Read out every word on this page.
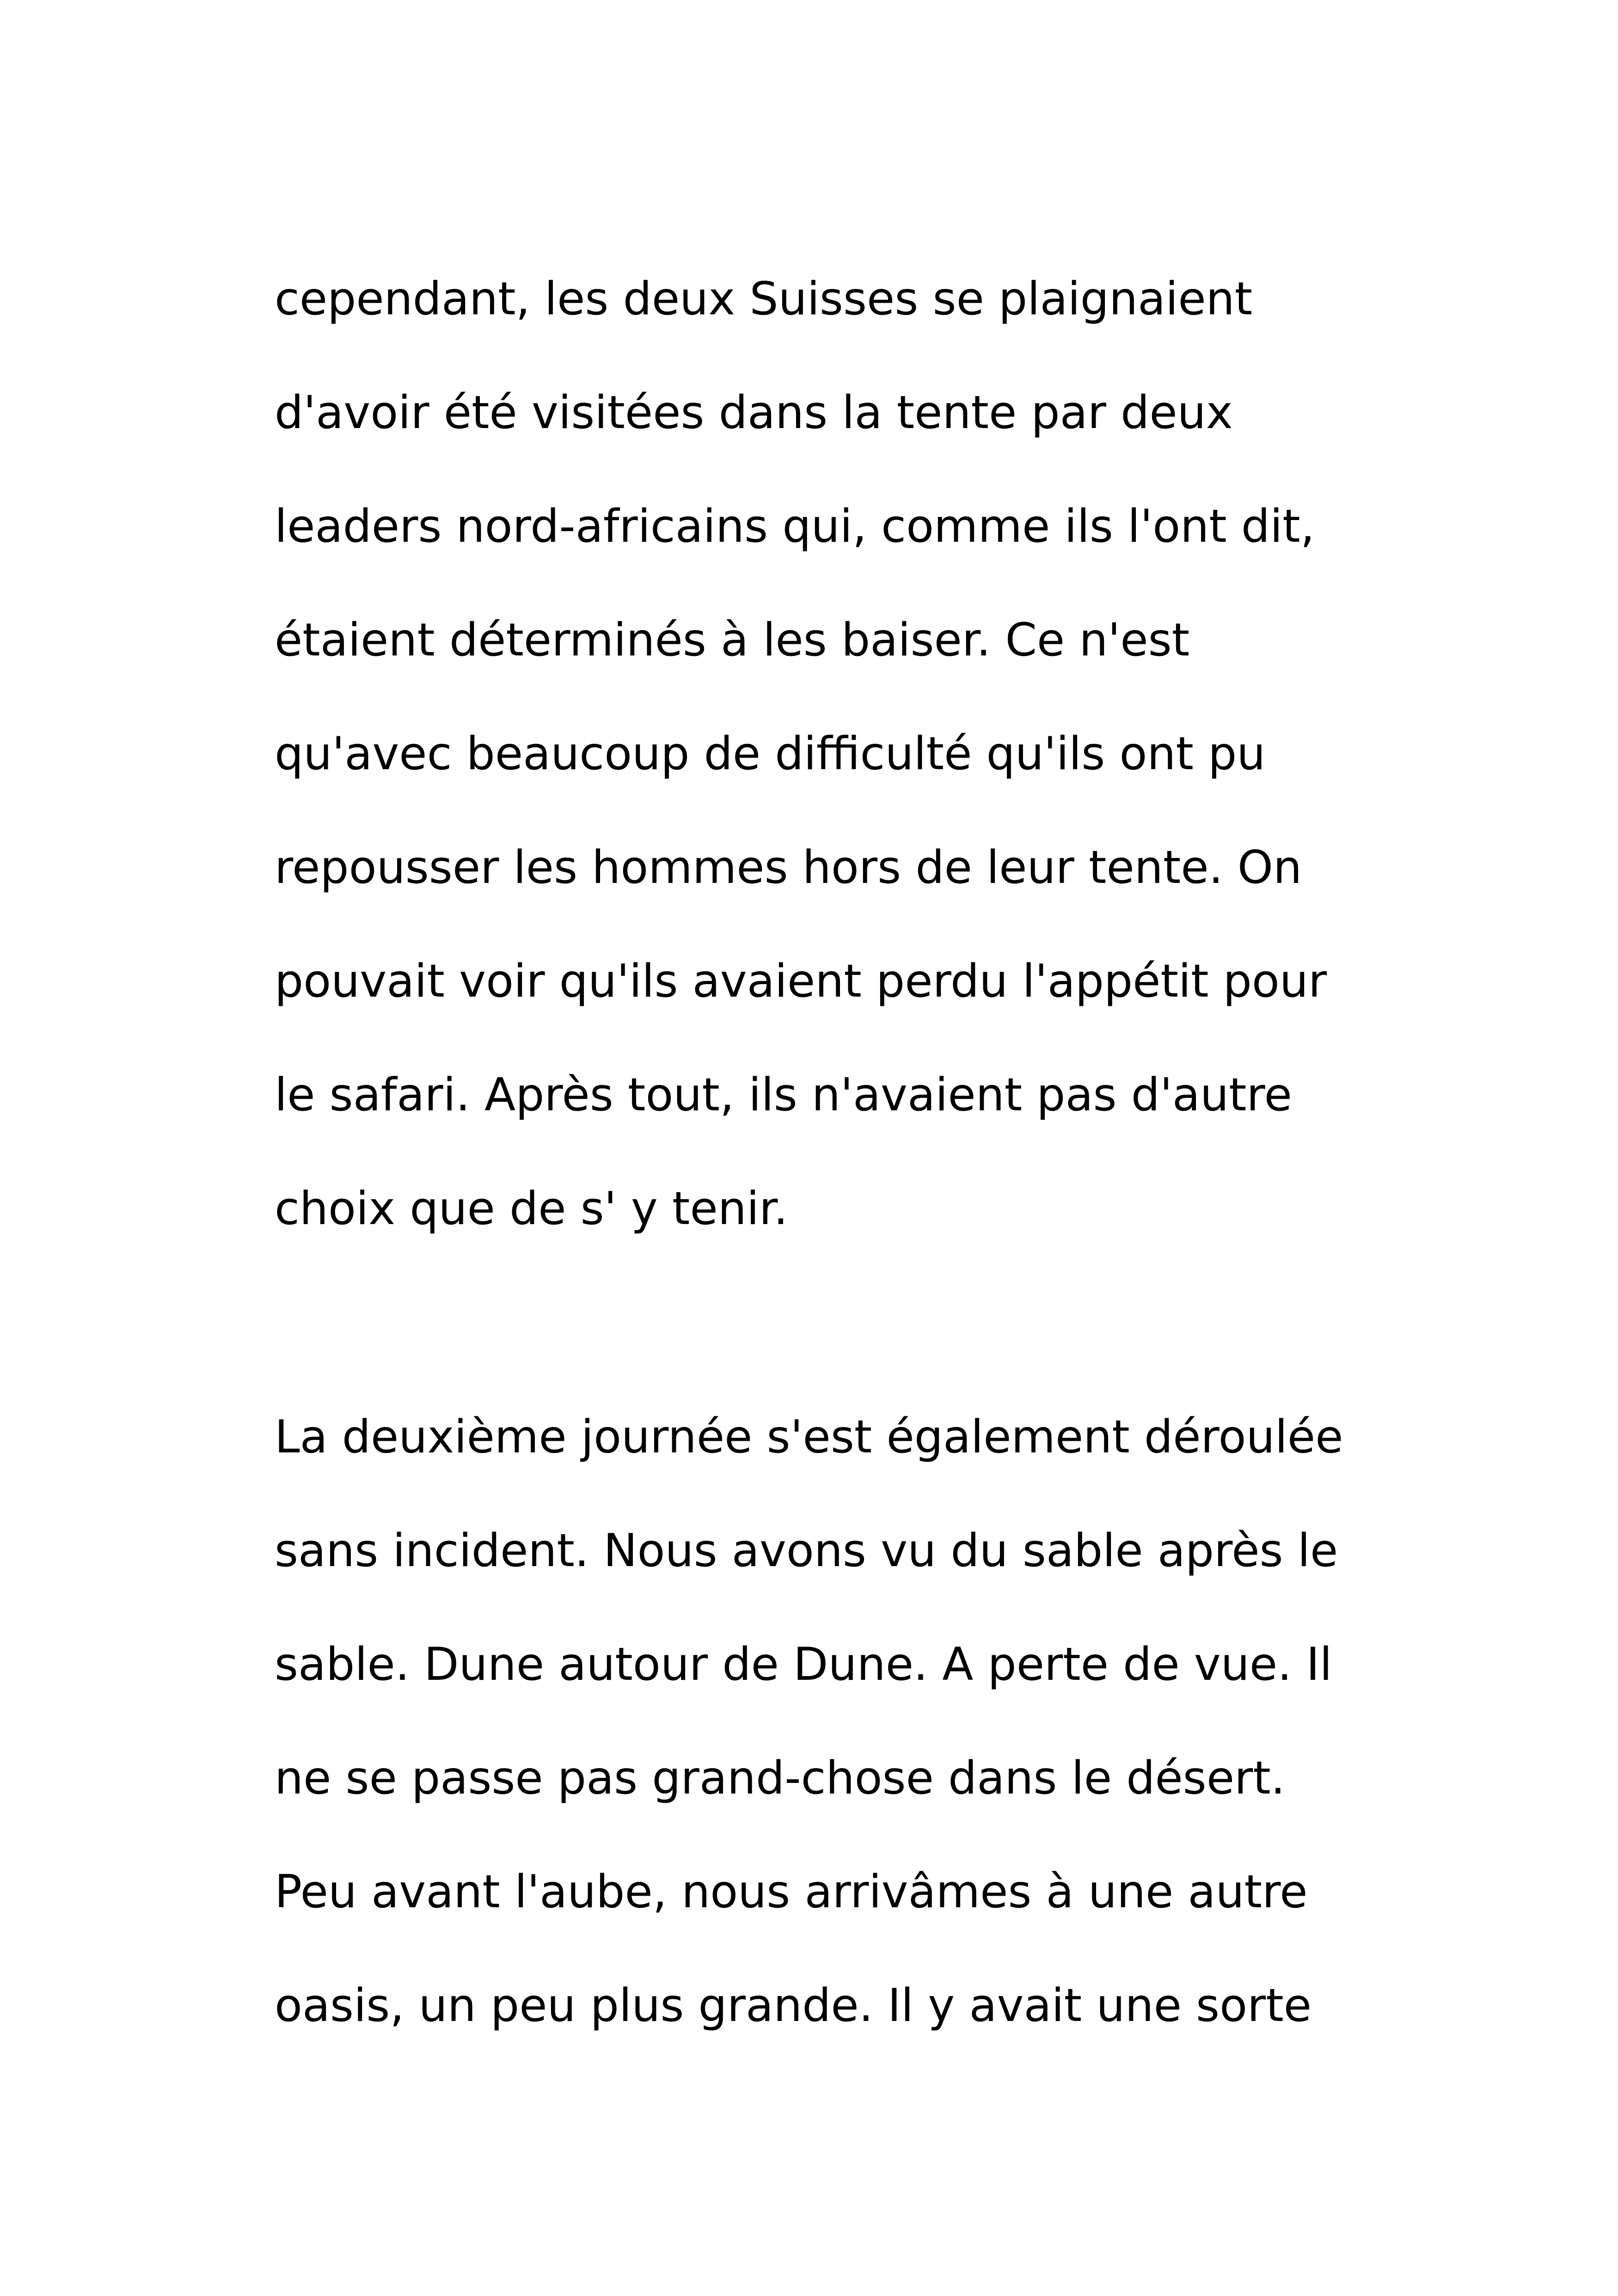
cependant, les deux Suisses se plaignaient
d'avoir été visitées dans la tente par deux
leaders nord-africains qui, comme ils l'ont dit,
étaient déterminés à les baiser. Ce n'est
qu'avec beaucoup de difficulté qu'ils ont pu
repousser les hommes hors de leur tente. On
pouvait voir qu'ils avaient perdu l'appétit pour
le safari. Après tout, ils n'avaient pas d'autre
choix que de s' y tenir.
La deuxième journée s'est également déroulée
sans incident. Nous avons vu du sable après le
sable. Dune autour de Dune. A perte de vue. Il
ne se passe pas grand-chose dans le désert.
Peu avant l'aube, nous arrivâmes à une autre
oasis, un peu plus grande. Il y avait une sorte
